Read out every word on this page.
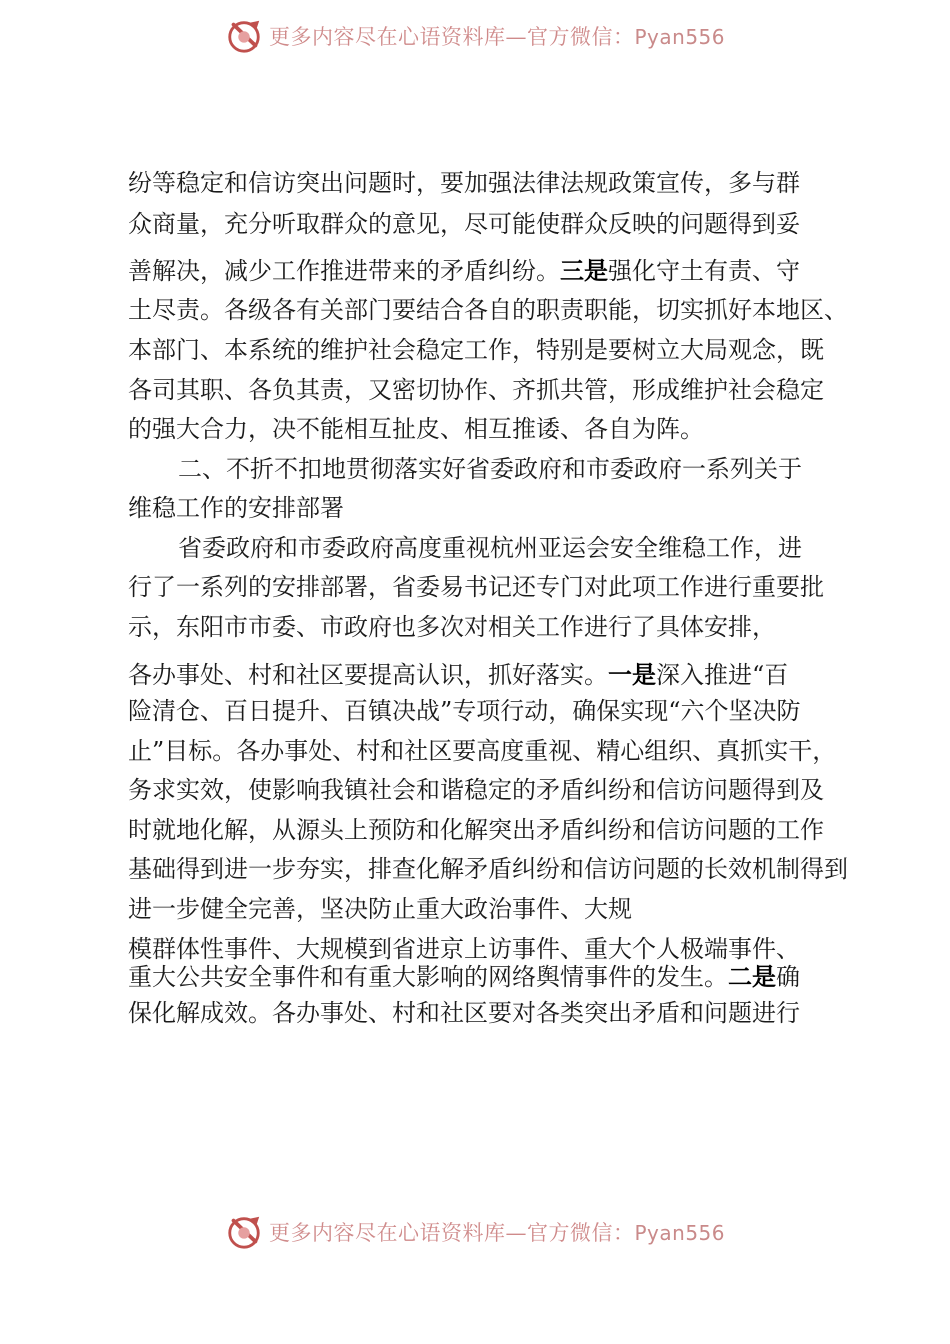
更多内容尽在心语资料库—官方微信：Pyan556
纷等稳定和信访突出问题时，要加强法律法规政策宣传，多与群
众商量，充分听取群众的意见，尽可能使群众反映的问题得到妥
善解决，减少工作推进带来的矛盾纠纷。三是强化守土有责、守
土尽责。各级各有关部门要结合各自的职责职能，切实抓好本地区、
本部门、本系统的维护社会稳定工作，特别是要树立大局观念，既
各司其职、各负其责，又密切协作、齐抓共管，形成维护社会稳定
的强大合力，决不能相互扯皮、相互推诿、各自为阵。
二、不折不扣地贯彻落实好省委政府和市委政府一系列关于
维稳工作的安排部署
省委政府和市委政府高度重视杭州亚运会安全维稳工作，进
行了一系列的安排部署，省委易书记还专门对此项工作进行重要批
示，东阳市市委、市政府也多次对相关工作进行了具体安排，
各办事处、村和社区要提高认识，抓好落实。一是深入推进“百
险清仓、百日提升、百镇决战”专项行动，确保实现“六个坚决防
止”目标。各办事处、村和社区要高度重视、精心组织、真抓实干，
务求实效，使影响我镇社会和谐稳定的矛盾纠纷和信访问题得到及
时就地化解，从源头上预防和化解突出矛盾纠纷和信访问题的工作
基础得到进一步夯实，排查化解矛盾纠纷和信访问题的长效机制得到
进一步健全完善，坚决防止重大政治事件、大规
模群体性事件、大规模到省进京上访事件、重大个人极端事件、
重大公共安全事件和有重大影响的网络舆情事件的发生。二是确
保化解成效。各办事处、村和社区要对各类突出矛盾和问题进行
更多内容尽在心语资料库—官方微信：Pyan556
